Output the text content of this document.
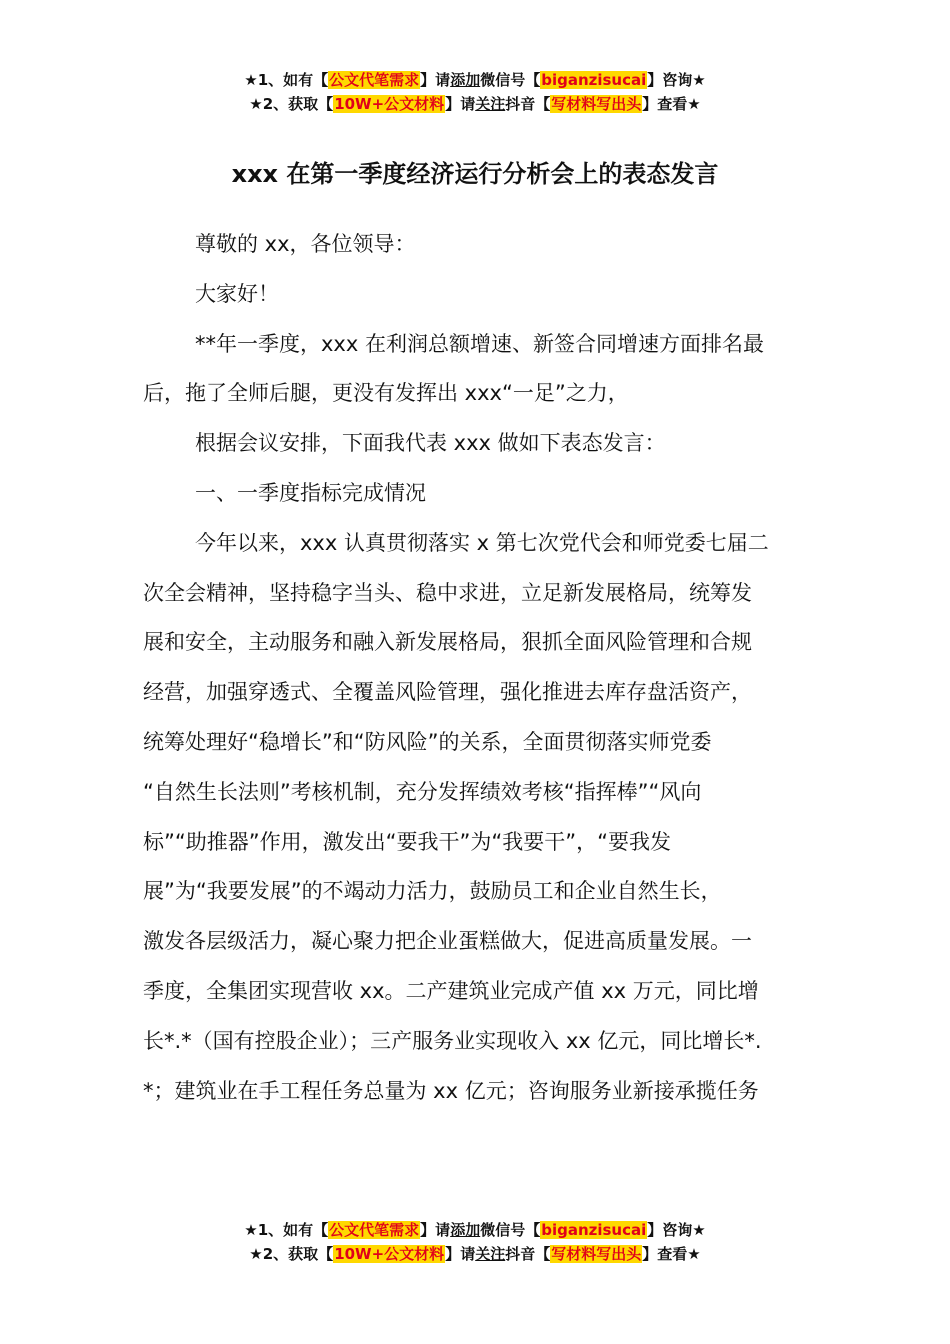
★1、如有【公文代笔需求】请添加微信号【biganzisucai】咨询★
★2、获取【10W+公文材料】请关注抖音【写材料写出头】查看★
xxx 在第一季度经济运行分析会上的表态发言

尊敬的 xx，各位领导：

大家好！

**年一季度，xxx 在利润总额增速、新签合同增速方面排名最
后，拖了全师后腿，更没有发挥出 xxx“一足”之力，

根据会议安排，下面我代表 xxx 做如下表态发言：

一、一季度指标完成情况

今年以来，xxx 认真贯彻落实 x 第七次党代会和师党委七届二
次全会精神，坚持稳字当头、稳中求进，立足新发展格局，统筹发
展和安全，主动服务和融入新发展格局，狠抓全面风险管理和合规
经营，加强穿透式、全覆盖风险管理，强化推进去库存盘活资产，
统筹处理好“稳增长”和“防风险”的关系，全面贯彻落实师党委
“自然生长法则”考核机制，充分发挥绩效考核“指挥棒”“风向
标”“助推器”作用，激发出“要我干”为“我要干”，“要我发
展”为“我要发展”的不竭动力活力，鼓励员工和企业自然生长，
激发各层级活力，凝心聚力把企业蛋糕做大，促进高质量发展。一
季度，全集团实现营收 xx。二产建筑业完成产值 xx 万元，同比增
长*.*（国有控股企业）；三产服务业实现收入 xx 亿元，同比增长*.
*；建筑业在手工程任务总量为 xx 亿元；咨询服务业新接承揽任务

★1、如有【公文代笔需求】请添加微信号【biganzisucai】咨询★
★2、获取【10W+公文材料】请关注抖音【写材料写出头】查看★
